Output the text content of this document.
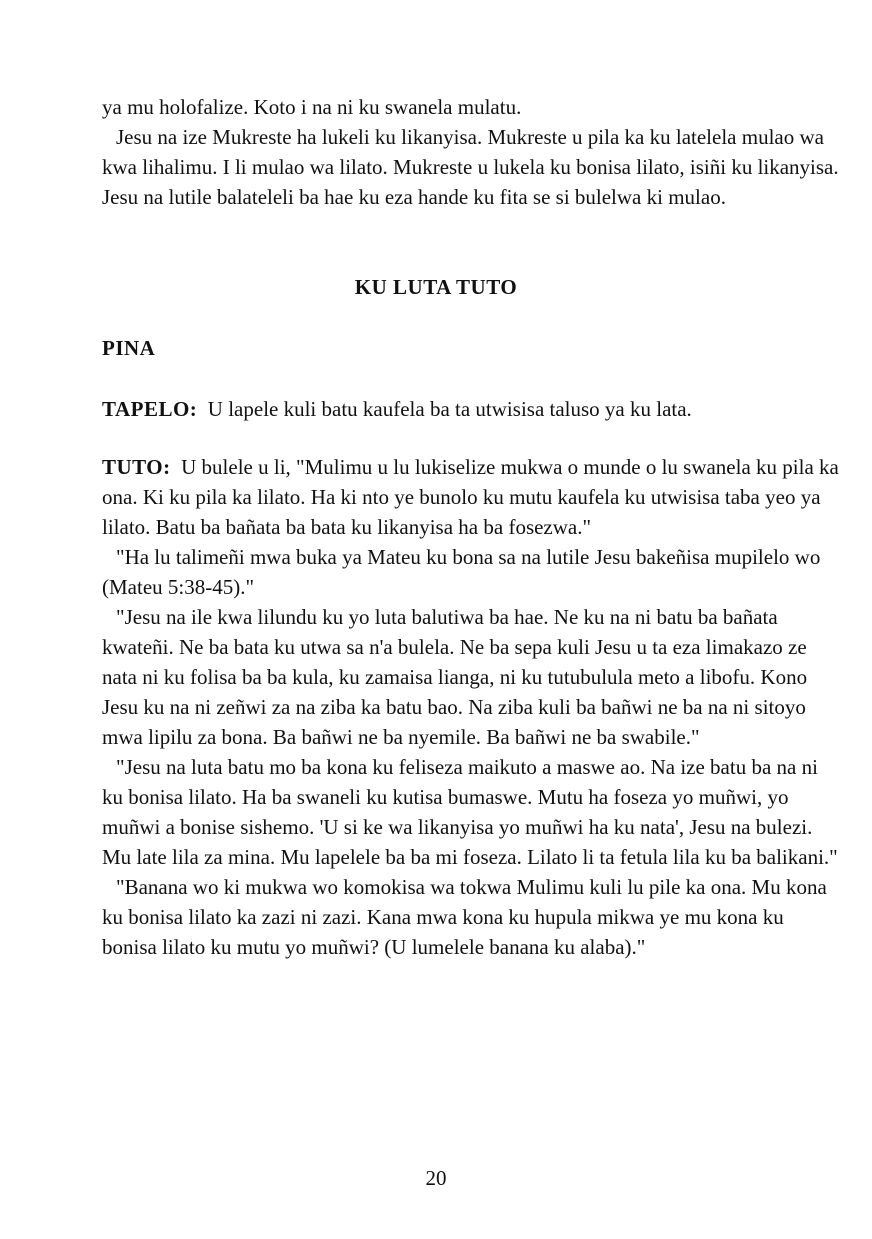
ya mu holofalize. Koto i na ni ku swanela mulatu.

Jesu na ize Mukreste ha lukeli ku likanyisa. Mukreste u pila ka ku latelela mulao wa kwa lihalimu. I li mulao wa lilato. Mukreste u lukela ku bonisa lilato, isiñi ku likanyisa. Jesu na lutile balateleli ba hae ku eza hande ku fita se si bulelwa ki mulao.

KU LUTA TUTO
PINA

TAPELO: U lapele kuli batu kaufela ba ta utwisisa taluso ya ku lata.

TUTO: U bulele u li, "Mulimu u lu lukiselize mukwa o munde o lu swanela ku pila ka ona. Ki ku pila ka lilato. Ha ki nto ye bunolo ku mutu kaufela ku utwisisa taba yeo ya lilato. Batu ba bañata ba bata ku likanyisa ha ba fosezwa."

"Ha lu talimeñi mwa buka ya Mateu ku bona sa na lutile Jesu bakeñisa mupilelo wo (Mateu 5:38-45)."

"Jesu na ile kwa lilundu ku yo luta balutiwa ba hae. Ne ku na ni batu ba bañata kwateñi. Ne ba bata ku utwa sa n'a bulela. Ne ba sepa kuli Jesu u ta eza limakazo ze nata ni ku folisa ba ba kula, ku zamaisa lianga, ni ku tutubulula meto a libofu. Kono Jesu ku na ni zeñwi za na ziba ka batu bao. Na ziba kuli ba bañwi ne ba na ni sitoyo mwa lipilu za bona. Ba bañwi ne ba nyemile. Ba bañwi ne ba swabile."

"Jesu na luta batu mo ba kona ku feliseza maikuto a maswe ao. Na ize batu ba na ni ku bonisa lilato. Ha ba swaneli ku kutisa bumaswe. Mutu ha foseza yo muñwi, yo muñwi a bonise sishemo. 'U si ke wa likanyisa yo muñwi ha ku nata', Jesu na bulezi. Mu late lila za mina. Mu lapelele ba ba mi foseza. Lilato li ta fetula lila ku ba balikani."

"Banana wo ki mukwa wo komokisa wa tokwa Mulimu kuli lu pile ka ona. Mu kona ku bonisa lilato ka zazi ni zazi. Kana mwa kona ku hupula mikwa ye mu kona ku bonisa lilato ku mutu yo muñwi? (U lumelele banana ku alaba)."

20
